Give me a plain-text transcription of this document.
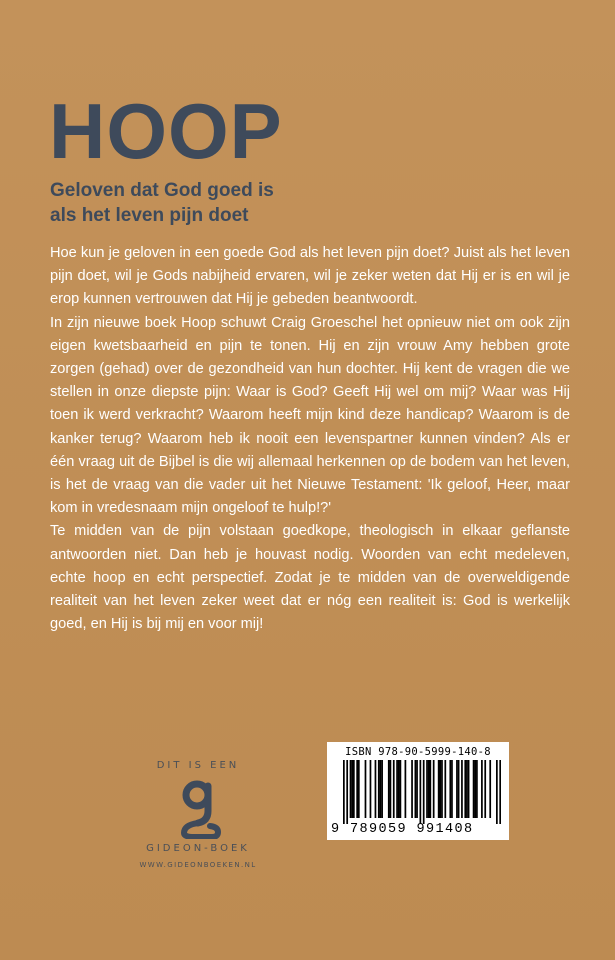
HOOP
Geloven dat God goed is
als het leven pijn doet

Hoe kun je geloven in een goede God als het leven pijn doet? Juist als het leven pijn doet, wil je Gods nabijheid ervaren, wil je zeker weten dat Hij er is en wil je erop kunnen vertrouwen dat Hij je gebeden beantwoordt.

In zijn nieuwe boek Hoop schuwt Craig Groeschel het opnieuw niet om ook zijn eigen kwetsbaarheid en pijn te tonen. Hij en zijn vrouw Amy hebben grote zorgen (gehad) over de gezondheid van hun dochter. Hij kent de vragen die we stellen in onze diepste pijn: Waar is God? Geeft Hij wel om mij? Waar was Hij toen ik werd verkracht? Waarom heeft mijn kind deze handicap? Waarom is de kanker terug? Waarom heb ik nooit een levenspartner kunnen vinden? Als er één vraag uit de Bijbel is die wij allemaal herkennen op de bodem van het leven, is het de vraag van die vader uit het Nieuwe Testament: 'Ik geloof, Heer, maar kom in vredesnaam mijn ongeloof te hulp!?'

Te midden van de pijn volstaan goedkope, theologisch in elkaar geflanste antwoorden niet. Dan heb je houvast nodig. Woorden van echt medeleven, echte hoop en echt perspectief. Zodat je te midden van de overweldigende realiteit van het leven zeker weet dat er nóg een realiteit is: God is werkelijk goed, en Hij is bij mij en voor mij!

DIT IS EEN
GIDEON-BOEK
WWW.GIDEONBOEKEN.NL
ISBN 978-90-5999-140-8
9 789059 991408
